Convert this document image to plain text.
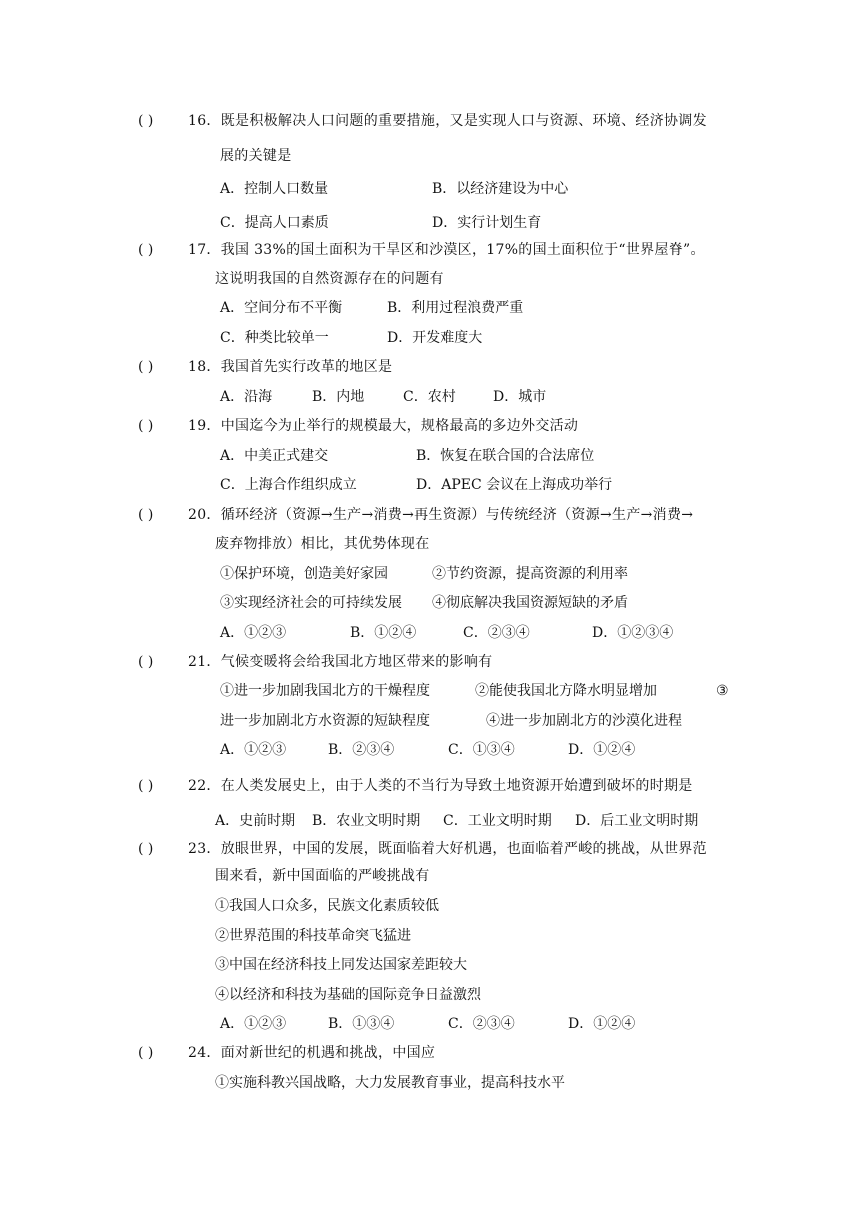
( ) 16．既是积极解决人口问题的重要措施，又是实现人口与资源、环境、经济协调发
展的关键是
A．控制人口数量	B．以经济建设为中心
C．提高人口素质	D．实行计划生育
( ) 17．我国 33%的国土面积为干旱区和沙漠区，17%的国土面积位于“世界屋脊”。
这说明我国的自然资源存在的问题有
A．空间分布不平衡	B．利用过程浪费严重
C．种类比较单一	D．开发难度大
( ) 18．我国首先实行改革的地区是
A．沿海	B．内地	C．农村	D．城市
( ) 19．中国迄今为止举行的规模最大，规格最高的多边外交活动
A．中美正式建交	B．恢复在联合国的合法席位
C．上海合作组织成立	D．APEC 会议在上海成功举行
( ) 20．循环经济（资源→生产→消费→再生资源）与传统经济（资源→生产→消费→
废弃物排放）相比，其优势体现在
①保护环境，创造美好家园	②节约资源，提高资源的利用率
③实现经济社会的可持续发展 ④彻底解决我国资源短缺的矛盾
A．①②③	B．①②④	C．②③④	D．①②③④
( ) 21．气候变暖将会给我国北方地区带来的影响有
①进一步加剧我国北方的干燥程度	②能使我国北方降水明显增加	③
进一步加剧北方水资源的短缺程度	④进一步加剧北方的沙漠化进程
A．①②③	B．②③④	C．①③④	D．①②④
( ) 22．在人类发展史上，由于人类的不当行为导致土地资源开始遭到破坏的时期是
A．史前时期 B．农业文明时期 C．工业文明时期 D．后工业文明时期
( ) 23．放眼世界，中国的发展，既面临着大好机遇，也面临着严峻的挑战，从世界范
围来看，新中国面临的严峻挑战有
①我国人口众多，民族文化素质较低
②世界范围的科技革命突飞猛进
③中国在经济科技上同发达国家差距较大
④以经济和科技为基础的国际竞争日益激烈
A．①②③	B．①③④	C．②③④	D．①②④
( ) 24．面对新世纪的机遇和挑战，中国应
①实施科教兴国战略，大力发展教育事业，提高科技水平
